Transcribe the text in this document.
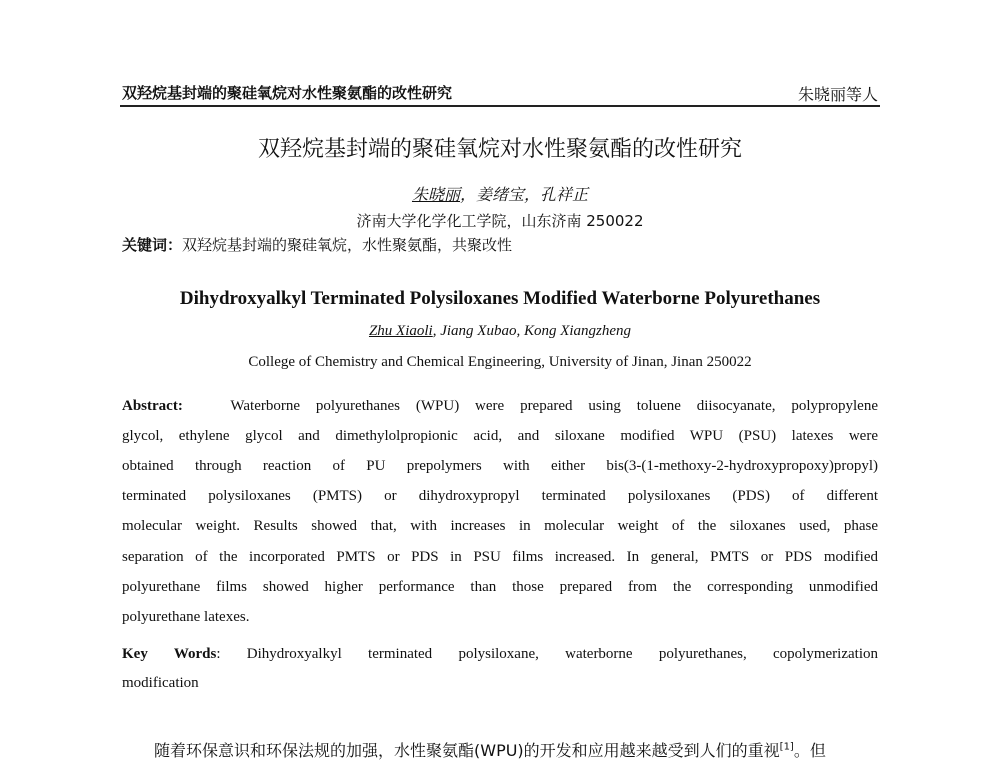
双羟烷基封端的聚硅氧烷对水性聚氨酯的改性研究	朱晓丽等人
双羟烷基封端的聚硅氧烷对水性聚氨酯的改性研究
朱晓丽，姜绪宝，孔祥正
济南大学化学化工学院，山东济南 250022
关键词：双羟烷基封端的聚硅氧烷，水性聚氨酯，共聚改性
Dihydroxyalkyl Terminated Polysiloxanes Modified Waterborne Polyurethanes
Zhu Xiaoli, Jiang Xubao, Kong Xiangzheng
College of Chemistry and Chemical Engineering, University of Jinan, Jinan 250022
Abstract:	Waterborne polyurethanes (WPU) were prepared using toluene diisocyanate, polypropylene
glycol, ethylene glycol and dimethylolpropionic acid, and siloxane modified WPU (PSU) latexes were
obtained through reaction of PU prepolymers with either bis(3-(1-methoxy-2-hydroxypropoxy)propyl)
terminated polysiloxanes (PMTS) or dihydroxypropyl terminated polysiloxanes (PDS) of different
molecular weight. Results showed that, with increases in molecular weight of the siloxanes used, phase
separation of the incorporated PMTS or PDS in PSU films increased. In general, PMTS or PDS modified
polyurethane films showed higher performance than those prepared from the corresponding unmodified
polyurethane latexes.
Key Words: Dihydroxyalkyl terminated polysiloxane, waterborne polyurethanes, copolymerization
modification
随着环保意识和环保法规的加强，水性聚氨酯(WPU)的开发和应用越来越受到人们的重视[1]。但
